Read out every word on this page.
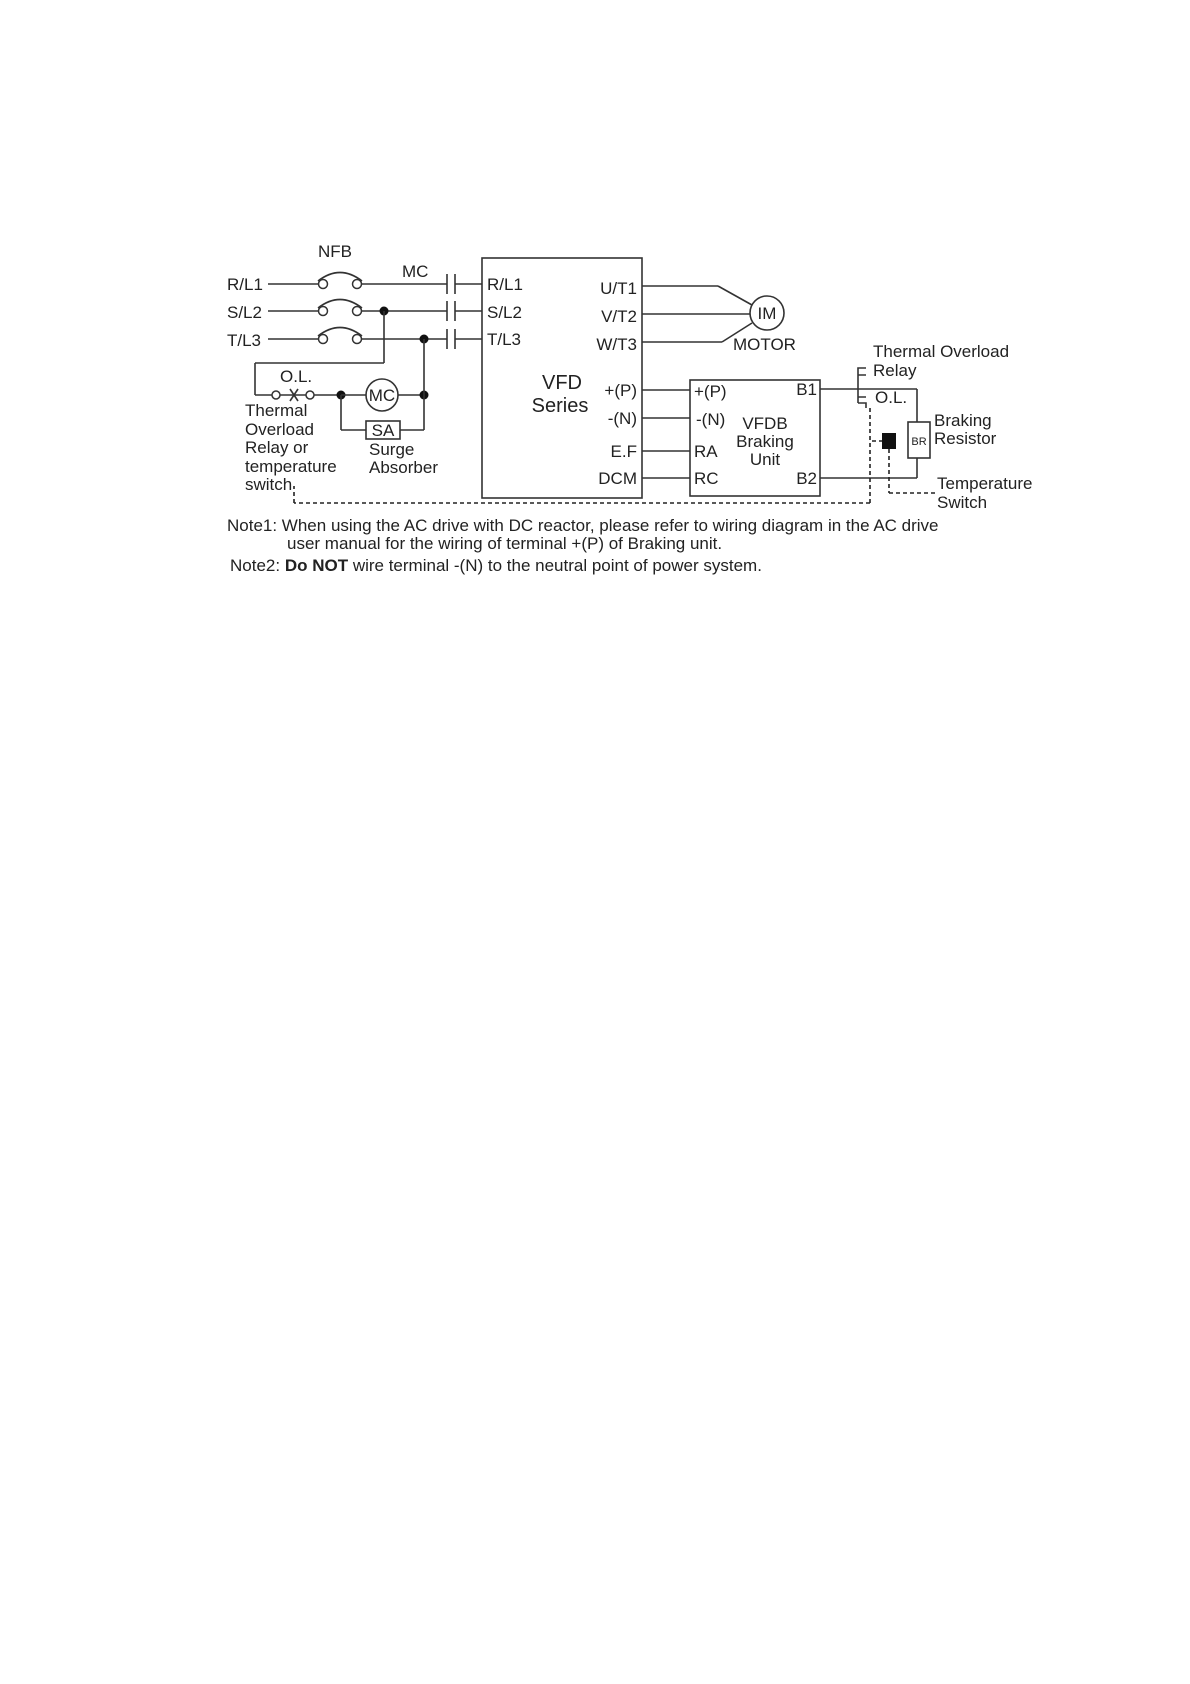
R/L1
S/L2
T/L3
NFB
MC
O.L.
MC
SA
Thermal
Overload
Relay or
temperature
switch
Surge
Absorber
R/L1
S/L2
T/L3
U/T1
V/T2
W/T3
VFD
Series
+(P)
-(N)
E.F
DCM
IM
MOTOR
+(P)
-(N)
RA
RC
B1
B2
VFDB
Braking
Unit
BR
O.L.
Thermal Overload
Relay
Braking
Resistor
Temperature
Switch
Note1: When using the AC drive with DC reactor, please refer to wiring diagram in the AC drive
user manual for the wiring of terminal +(P) of Braking unit.
Note2: Do NOT wire terminal -(N) to the neutral point of power system.
